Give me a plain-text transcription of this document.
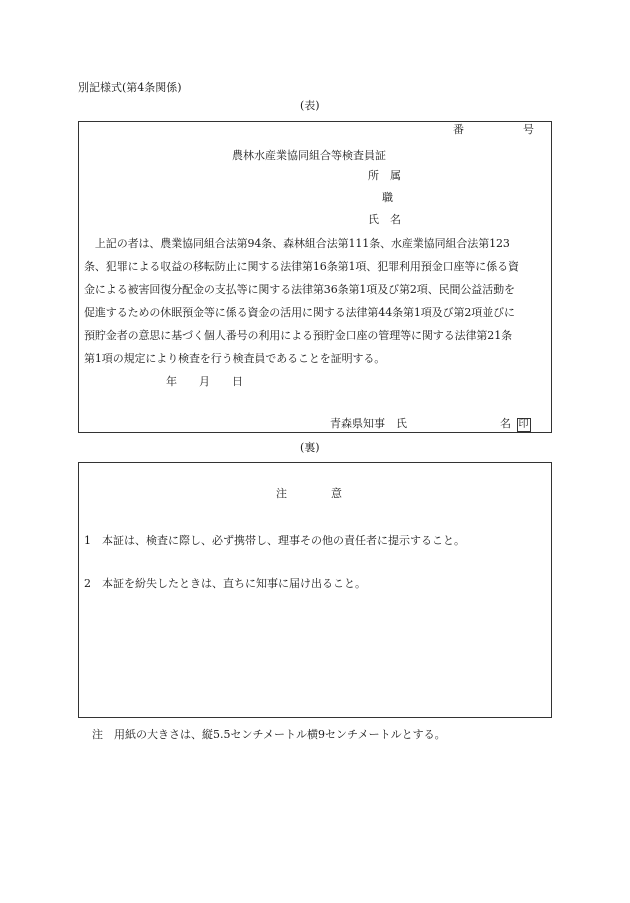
別記様式(第4条関係)
(表)
番	号
農林水産業協同組合等検査員証
所　属
職
氏　名
　上記の者は、農業協同組合法第94条、森林組合法第111条、水産業協同組合法第123
条、犯罪による収益の移転防止に関する法律第16条第1項、犯罪利用預金口座等に係る資
金による被害回復分配金の支払等に関する法律第36条第1項及び第2項、民間公益活動を
促進するための休眠預金等に係る資金の活用に関する法律第44条第1項及び第2項並びに
預貯金者の意思に基づく個人番号の利用による預貯金口座の管理等に関する法律第21条
第1項の規定により検査を行う検査員であることを証明する。
年　　月　　日
青森県知事　氏	名 印
(裏)
注　　　　意
1　本証は、検査に際し、必ず携帯し、理事その他の責任者に提示すること。
2　本証を紛失したときは、直ちに知事に届け出ること。
注　用紙の大きさは、縦5.5センチメートル横9センチメートルとする。
